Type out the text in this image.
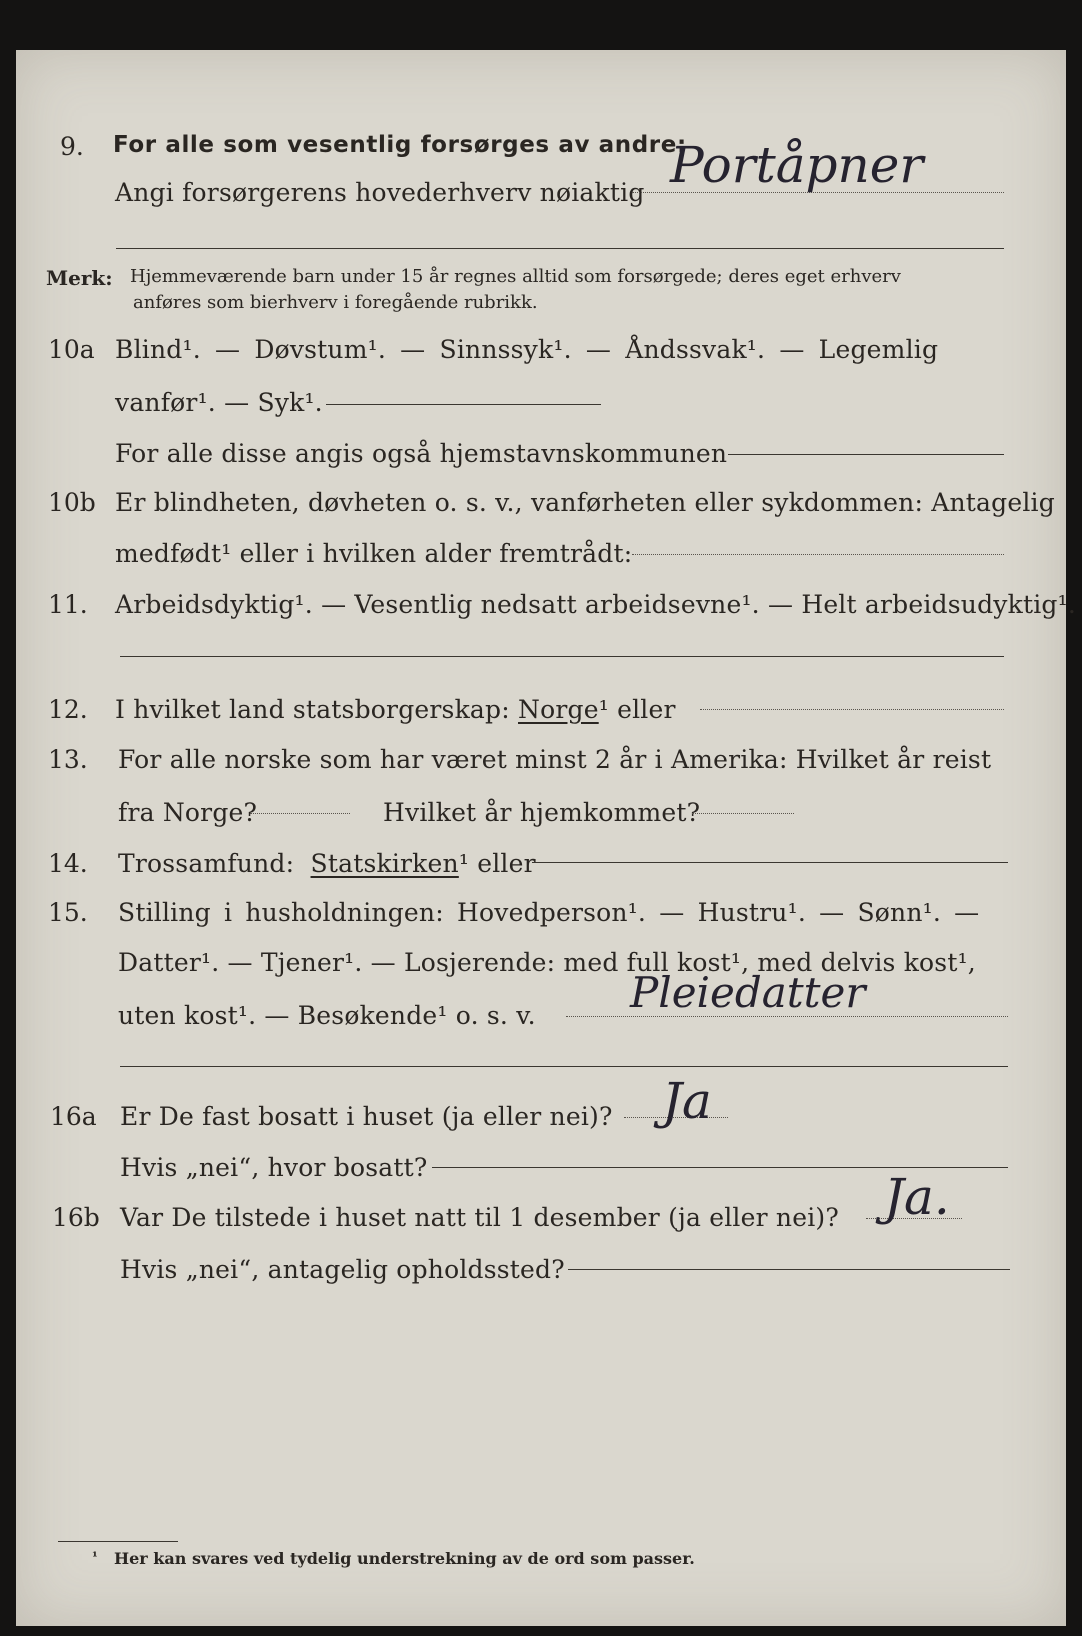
9. For alle som vesentlig forsørges av andre:
Angi forsørgerens hovederhverv nøiaktig Portåpner
Merk: Hjemmeværende barn under 15 år regnes alltid som forsørgede; deres eget erhverv
anføres som bierhverv i foregående rubrikk.
10a Blind¹. — Døvstum¹. — Sinnssyk¹. — Åndssvak¹. — Legemlig
vanfør¹. — Syk¹.
For alle disse angis også hjemstavnskommunen
10b Er blindheten, døvheten o. s. v., vanførheten eller sykdommen: Antagelig
medfødt¹ eller i hvilken alder fremtrådt:
11. Arbeidsdyktig¹. — Vesentlig nedsatt arbeidsevne¹. — Helt arbeidsudyktig¹.
12. I hvilket land statsborgerskap: Norge¹ eller
13. For alle norske som har været minst 2 år i Amerika: Hvilket år reist
fra Norge?	Hvilket år hjemkommet?
14. Trossamfund: Statskirken¹ eller
15. Stilling i husholdningen: Hovedperson¹. — Hustru¹. — Sønn¹. —
Datter¹. — Tjener¹. — Losjerende: med full kost¹, med delvis kost¹,
uten kost¹. — Besøkende¹ o. s. v. Pleiedatter
16a Er De fast bosatt i huset (ja eller nei)? Ja
Hvis „nei“, hvor bosatt?
16b Var De tilstede i huset natt til 1 desember (ja eller nei)? Ja.
Hvis „nei“, antagelig opholdssted?
¹ Her kan svares ved tydelig understrekning av de ord som passer.
